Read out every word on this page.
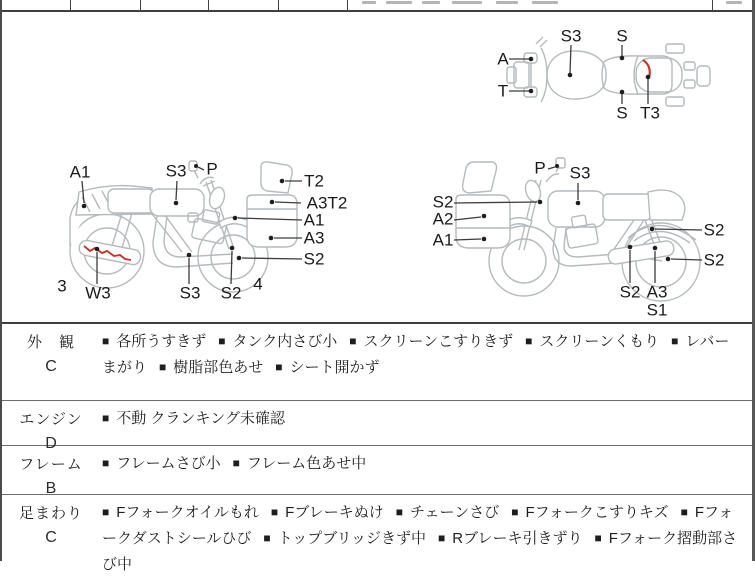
A
T
S3 S
S T3
A1	S3 P
T2
A3T2
A1
A3
S2
3 W3	S3 S2 4
P S3
S2
A2
A1
S2
S2
S2 A3
S1
外　観
C
■ 各所うすきず ■ タンク内さび小 ■ スクリーンこすりきず ■ スクリーンくもり ■ レバーまがり ■ 樹脂部色あせ ■ シート開かず
エンジン
D
■ 不動 クランキング未確認
フレーム
B
■ フレームさび小 ■ フレーム色あせ中
足まわり
C
■ Fフォークオイルもれ ■ Fブレーキぬけ ■ チェーンさび ■ Fフォークこすりキズ ■ Fフォークダストシールひび ■ トップブリッジきず中 ■ Rブレーキ引きずり ■ Fフォーク摺動部さび中
